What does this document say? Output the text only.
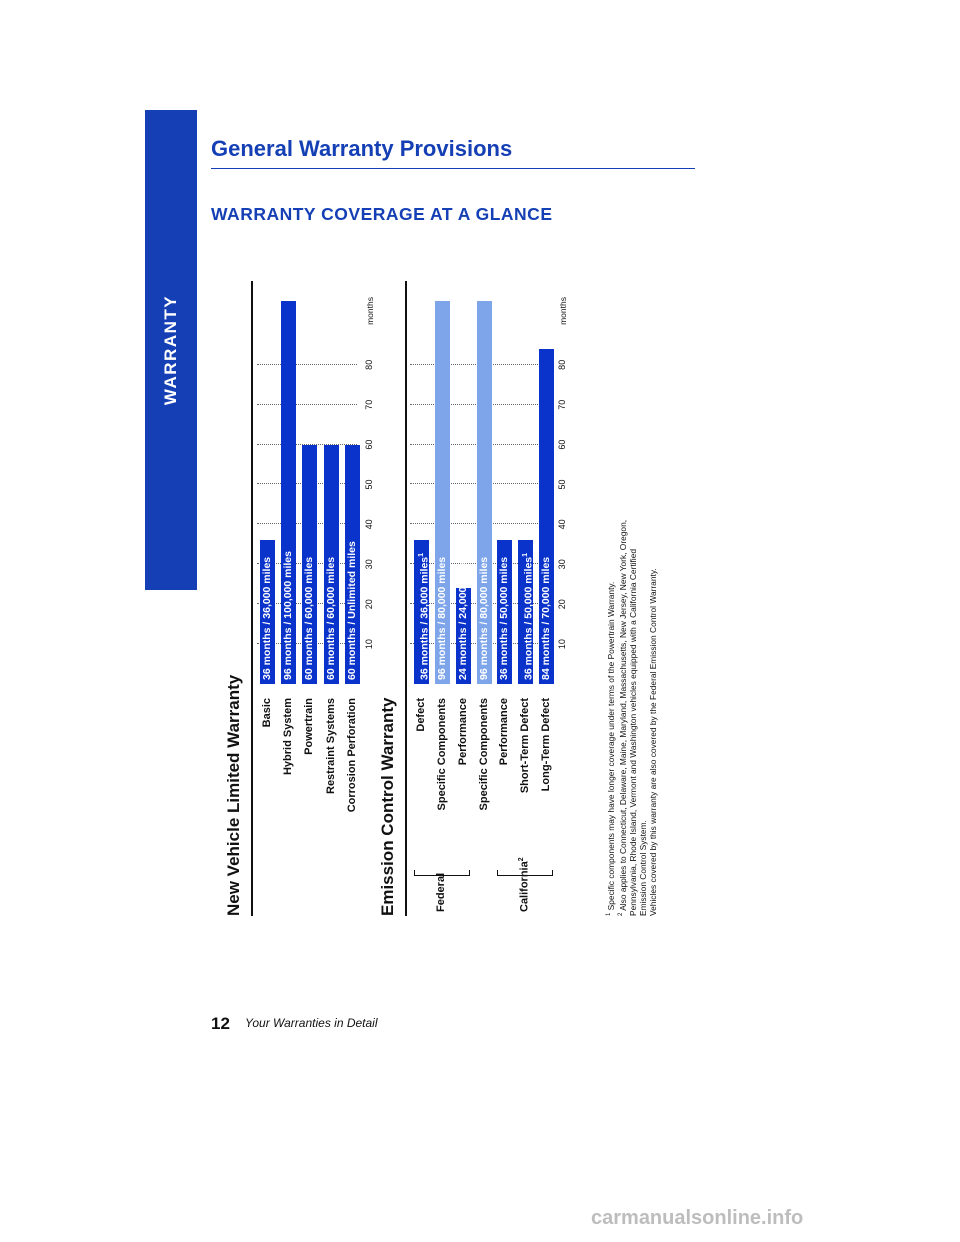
WARRANTY
General Warranty Provisions
WARRANTY COVERAGE AT A GLANCE
New Vehicle Limited Warranty	Emission Control Warranty	$^1$ Specific components may have longer coverage under terms of the Powertrain Warranty.
$^2$ Also applies to Connecticut, Delaware, Maine, Maryland, Massachusetts, New Jersey, New York, Oregon, Pennsylvania, Rhode Island, Vermont and Washington vehicles equipped with a California Certified Emission Control System. Vehicles covered by this warranty are also covered by the Federal Emission Control Warranty.
10
20
30
40
50
60
70
80
months
Basic
36 months / 36,000 miles
Hybrid System
96 months / 100,000 miles
Powertrain
60 months / 60,000 miles
Restraint Systems
60 months / 60,000 miles
Corrosion Perforation
60 months / Unlimited miles	10
20
30
40
50
60
70
80
months
Defect
36 months / 36,000 miles$^1$
Specific Components
96 months / 80,000 miles
Performance
24 months / 24,000 miles
Specific Components
96 months / 80,000 miles
Performance
36 months / 50,000 miles
Short-Term Defect
36 months / 50,000 miles$^1$
Long-Term Defect
84 months / 70,000 miles
Federal	California$^2$
12 Your Warranties in Detail
carmanualsonline.info
